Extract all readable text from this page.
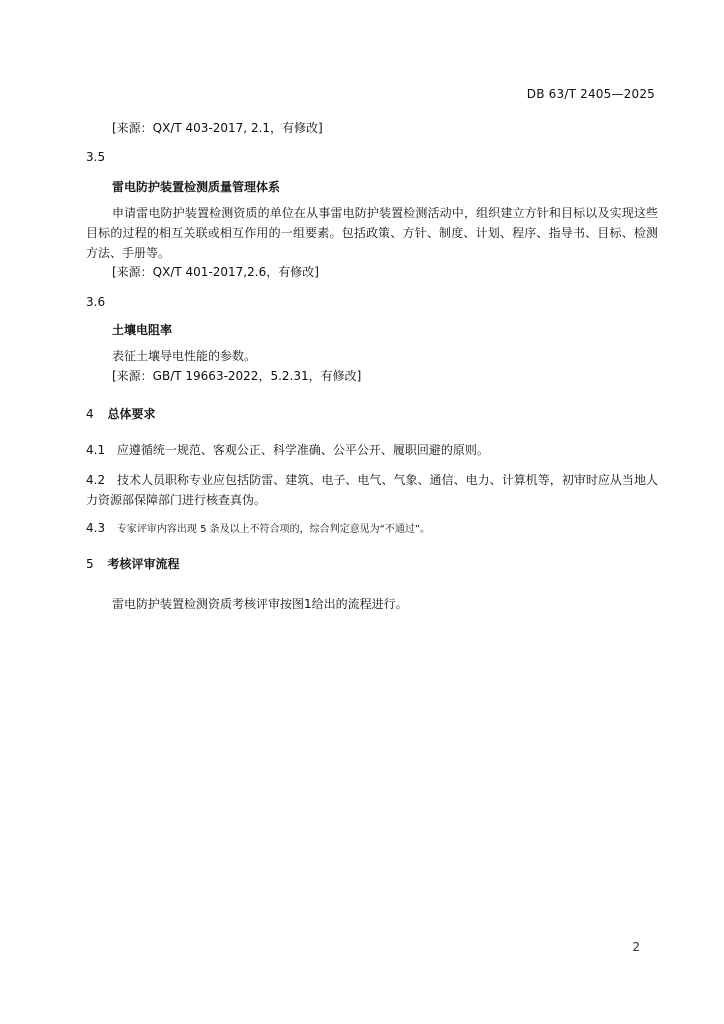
DB 63/T 2405—2025
[来源：QX/T 403-2017, 2.1，有修改]
3.5
雷电防护装置检测质量管理体系
申请雷电防护装置检测资质的单位在从事雷电防护装置检测活动中，组织建立方针和目标以及实现这些目标的过程的相互关联或相互作用的一组要素。包括政策、方针、制度、计划、程序、指导书、目标、检测方法、手册等。
[来源：QX/T 401-2017,2.6，有修改]
3.6
土壤电阻率
表征土壤导电性能的参数。
[来源：GB/T 19663-2022，5.2.31，有修改]
4 总体要求
4.1 应遵循统一规范、客观公正、科学准确、公平公开、履职回避的原则。
4.2 技术人员职称专业应包括防雷、建筑、电子、电气、气象、通信、电力、计算机等，初审时应从当地人力资源部保障部门进行核查真伪。
4.3 专家评审内容出现 5 条及以上不符合项的，综合判定意见为“不通过”。
5 考核评审流程
雷电防护装置检测资质考核评审按图1给出的流程进行。
2
